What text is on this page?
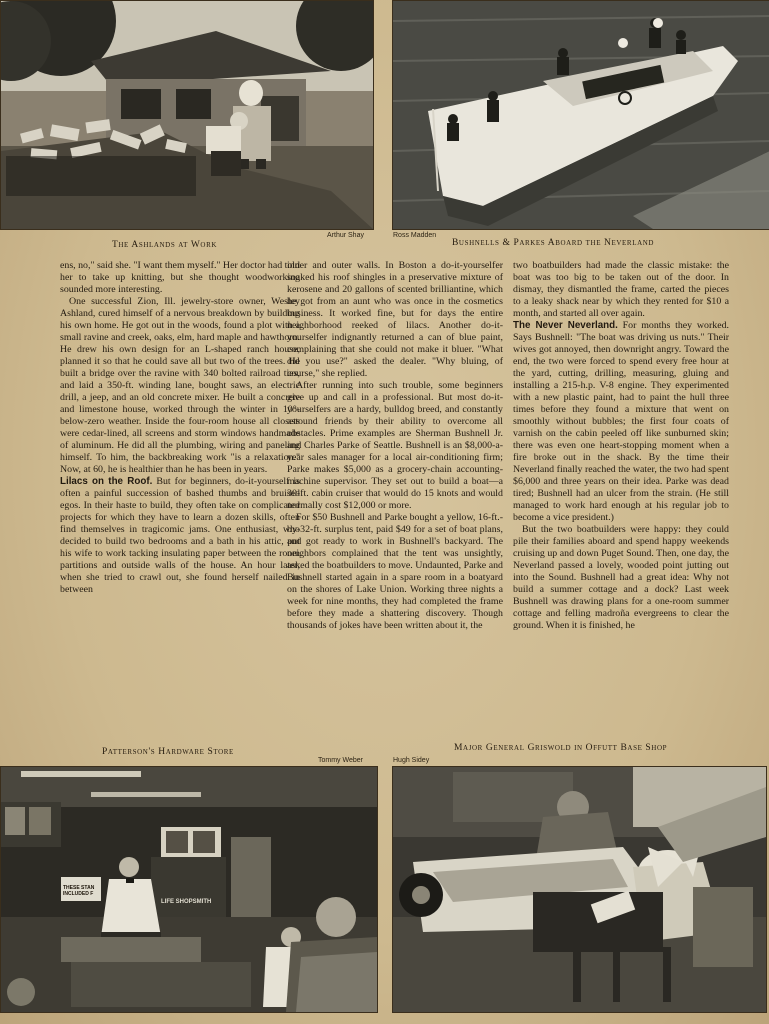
Arthur Shay
The Ashlands at Work
Ross Madden
Bushnells & Parkes Aboard the Neverland

ens, no," said she. "I want them myself." Her doctor had told her to take up knitting, but she thought woodworking sounded more interesting.

One successful Zion, Ill. jewelry-store owner, Wesley Ashland, cured himself of a nervous breakdown by building his own home. He got out in the woods, found a plot with a small ravine and creek, oaks, elm, hard maple and hawthorn. He drew his own design for an L-shaped ranch house, planned it so that he could save all but two of the trees. He built a bridge over the ravine with 340 bolted railroad ties, and laid a 350-ft. winding lane, bought saws, an electric drill, a jeep, and an old concrete mixer. He built a concrete and limestone house, worked through the winter in 10°-below-zero weather. Inside the four-room house all closets were cedar-lined, all screens and storm windows handmade of aluminum. He did all the plumbing, wiring and paneling himself. To him, the backbreaking work "is a relaxation." Now, at 60, he is healthier than he has been in years.

Lilacs on the Roof. But for beginners, do-it-yourself is often a painful succession of bashed thumbs and bruised egos. In their haste to build, they often take on complicated projects for which they have to learn a dozen skills, often find themselves in tragicomic jams. One enthusiast, who decided to build two bedrooms and a bath in his attic, put his wife to work tacking insulating paper between the room partitions and outside walls of the house. An hour later, when she tried to crawl out, she found herself nailed in between

inner and outer walls. In Boston a do-it-yourselfer soaked his roof shingles in a preservative mixture of kerosene and 20 gallons of scented brilliantine, which he got from an aunt who was once in the cosmetics business. It worked fine, but for days the entire neighborhood reeked of lilacs. Another do-it-yourselfer indignantly returned a can of blue paint, complaining that she could not make it bluer. "What did you use?" asked the dealer. "Why bluing, of course," she replied.

After running into such trouble, some beginners give up and call in a professional. But most do-it-yourselfers are a hardy, bulldog breed, and constantly astound friends by their ability to overcome all obstacles. Prime examples are Sherman Bushnell Jr. and Charles Parke of Seattle. Bushnell is an $8,000-a-year sales manager for a local air-conditioning firm; Parke makes $5,000 as a grocery-chain accounting-machine supervisor. They set out to build a boat—a 30-ft. cabin cruiser that would do 15 knots and would normally cost $12,000 or more.

For $50 Bushnell and Parke bought a yellow, 16-ft.-by-32-ft. surplus tent, paid $49 for a set of boat plans, and got ready to work in Bushnell's backyard. The neighbors complained that the tent was unsightly, asked the boatbuilders to move. Undaunted, Parke and Bushnell started again in a spare room in a boatyard on the shores of Lake Union. Working three nights a week for nine months, they had completed the frame before they made a shattering discovery. Though thousands of jokes have been written about it, the

two boatbuilders had made the classic mistake: the boat was too big to be taken out of the door. In dismay, they dismantled the frame, carted the pieces to a leaky shack near by which they rented for $10 a month, and started all over again.

The Never Neverland. For months they worked. Says Bushnell: "The boat was driving us nuts." Their wives got annoyed, then downright angry. Toward the end, the two were forced to spend every free hour at the yard, cutting, drilling, measuring, gluing and installing a 215-h.p. V-8 engine. They experimented with a new plastic paint, had to paint the hull three times before they found a mixture that went on smoothly without bubbles; the first four coats of varnish on the cabin peeled off like sunburned skin; there was even one heart-stopping moment when a fire broke out in the shack. By the time their Neverland finally reached the water, the two had spent $6,000 and three years on their idea. Parke was dead tired; Bushnell had an ulcer from the strain. (He still managed to work hard enough at his regular job to become a vice president.)

But the two boatbuilders were happy: they could pile their families aboard and spend happy weekends cruising up and down Puget Sound. Then, one day, the Neverland passed a lovely, wooded point jutting out into the Sound. Bushnell had a great idea: Why not build a summer cottage and a dock? Last week Bushnell was drawing plans for a one-room summer cottage and felling madroña evergreens to clear the ground. When it is finished, he

Patterson's Hardware Store	Major General Griswold in Offutt Base Shop
Tommy Weber	Hugh Sidey
THESE STAN INCLUDED F
LIFE SHOPSMITH
